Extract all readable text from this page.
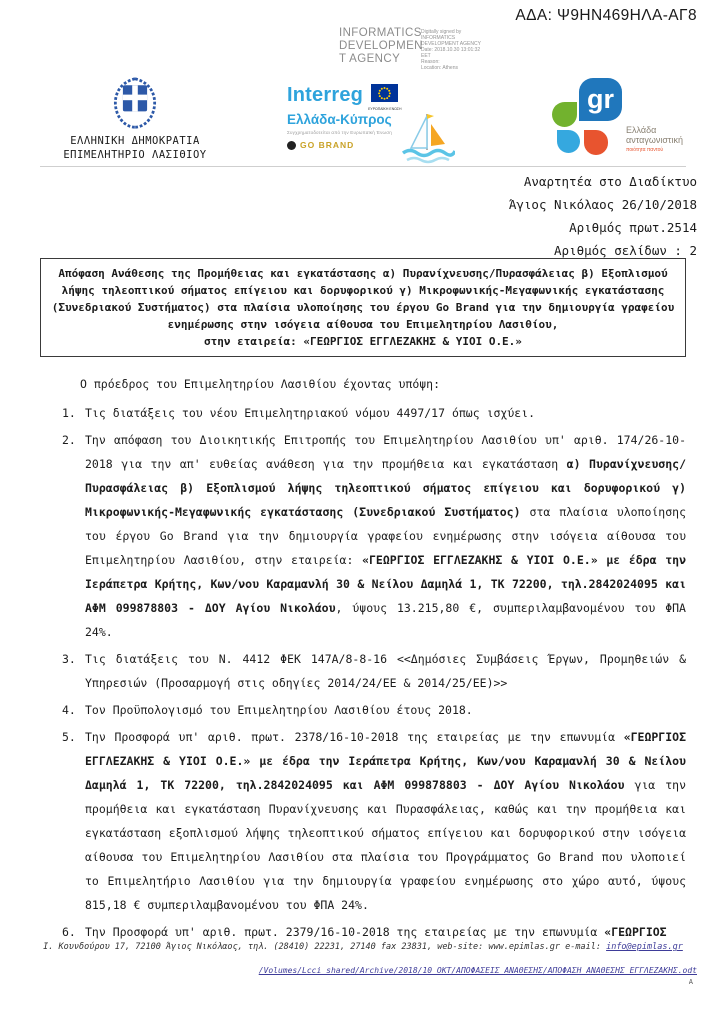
ΑΔΑ: Ψ9ΗΝ469ΗΛΑ-ΑΓ8
INFORMATICS
DEVELOPMEN
T AGENCY
Digitally signed by
INFORMATICS
DEVELOPMENT AGENCY
Date: 2018.10.30 13:01:32
EET
Reason:
Location: Athens
ΕΛΛΗΝΙΚΗ ΔΗΜΟΚΡΑΤΙΑ
ΕΠΙΜΕΛΗΤΗΡΙΟ ΛΑΣΙΘΙΟΥ
Interreg
ΕΥΡΩΠΑΪΚΗ ΕΝΩΣΗ
Ελλάδα-Κύπρος
Συγχρηματοδοτείται από την Ευρωπαϊκή Ένωση
GO BRAND
gr
Ελλάδα
ανταγωνιστική
ποιότητα παντού
Αναρτητέα στο Διαδίκτυο
Άγιος Νικόλαος 26/10/2018
Αριθμός πρωτ.2514
Αριθμός σελίδων : 2
Απόφαση Ανάθεσης της Προμήθειας και εγκατάστασης α) Πυρανίχνευσης/Πυρασφάλειας β) Εξοπλισμού
λήψης τηλεοπτικού σήματος επίγειου και δορυφορικού γ) Μικροφωνικής-Μεγαφωνικής εγκατάστασης
(Συνεδριακού Συστήματος) στα πλαίσια υλοποίησης του έργου Go Brand για την δημιουργία γραφείου
ενημέρωσης στην ισόγεια αίθουσα του Επιμελητηρίου Λασιθίου,
στην εταιρεία: «ΓΕΩΡΓΙΟΣ ΕΓΓΛΕΖΑΚΗΣ & ΥΙΟΙ Ο.Ε.»
Ο πρόεδρος του Επιμελητηρίου Λασιθίου έχοντας υπόψη:
1. Τις διατάξεις του νέου Επιμελητηριακού νόμου 4497/17 όπως ισχύει.
2. Την απόφαση του Διοικητικής Επιτροπής του Επιμελητηρίου Λασιθίου υπ' αριθ. 174/26-10-2018 για την απ' ευθείας ανάθεση για την προμήθεια και εγκατάσταση α) Πυρανίχνευσης/Πυρασφάλειας β) Εξοπλισμού λήψης τηλεοπτικού σήματος επίγειου και δορυφορικού γ) Μικροφωνικής-Μεγαφωνικής εγκατάστασης (Συνεδριακού Συστήματος) στα πλαίσια υλοποίησης του έργου Go Brand για την δημιουργία γραφείου ενημέρωσης στην ισόγεια αίθουσα του Επιμελητηρίου Λασιθίου, στην εταιρεία: «ΓΕΩΡΓΙΟΣ ΕΓΓΛΕΖΑΚΗΣ & ΥΙΟΙ Ο.Ε.» με έδρα την Ιεράπετρα Κρήτης, Κων/νου Καραμανλή 30 & Νείλου Δαμηλά 1, ΤΚ 72200, τηλ.2842024095 και ΑΦΜ 099878803 - ΔΟΥ Αγίου Νικολάου, ύψους 13.215,80 €, συμπεριλαμβανομένου του ΦΠΑ 24%.
3. Τις διατάξεις του Ν. 4412 ΦΕΚ 147Α/8-8-16 <<Δημόσιες Συμβάσεις Έργων, Προμηθειών & Υπηρεσιών (Προσαρμογή στις οδηγίες 2014/24/ΕΕ & 2014/25/ΕΕ)>>
4. Τον Προϋπολογισμό του Επιμελητηρίου Λασιθίου έτους 2018.
5. Την Προσφορά υπ' αριθ. πρωτ. 2378/16-10-2018 της εταιρείας με την επωνυμία «ΓΕΩΡΓΙΟΣ ΕΓΓΛΕΖΑΚΗΣ & ΥΙΟΙ Ο.Ε.» με έδρα την Ιεράπετρα Κρήτης, Κων/νου Καραμανλή 30 & Νείλου Δαμηλά 1, ΤΚ 72200, τηλ.2842024095 και ΑΦΜ 099878803 - ΔΟΥ Αγίου Νικολάου για την προμήθεια και εγκατάσταση Πυρανίχνευσης και Πυρασφάλειας, καθώς και την προμήθεια και εγκατάσταση εξοπλισμού λήψης τηλεοπτικού σήματος επίγειου και δορυφορικού στην ισόγεια αίθουσα του Επιμελητηρίου Λασιθίου στα πλαίσια του Προγράμματος Go Brand που υλοποιεί το Επιμελητήριο Λασιθίου για την δημιουργία γραφείου ενημέρωσης στο χώρο αυτό, ύψους 815,18 € συμπεριλαμβανομένου του ΦΠΑ 24%.
6. Την Προσφορά υπ' αριθ. πρωτ. 2379/16-10-2018 της εταιρείας με την επωνυμία «ΓΕΩΡΓΙΟΣ
Ι. Κουνδούρου 17, 72100 Άγιος Νικόλαος, τηλ. (28410) 22231, 27140 fax 23831, web-site: www.epimlas.gr e-mail: info@epimlas.gr
/Volumes/Lcci_shared/Archive/2018/10 ΟΚΤ/ΑΠΟΦΑΣΕΙΣ ΑΝΑΘΕΣΗΣ/ΑΠΟΦΑΣΗ ΑΝΑΘΕΣΗΣ_ΕΓΓΛΕΖΑΚΗΣ.odt
Α
